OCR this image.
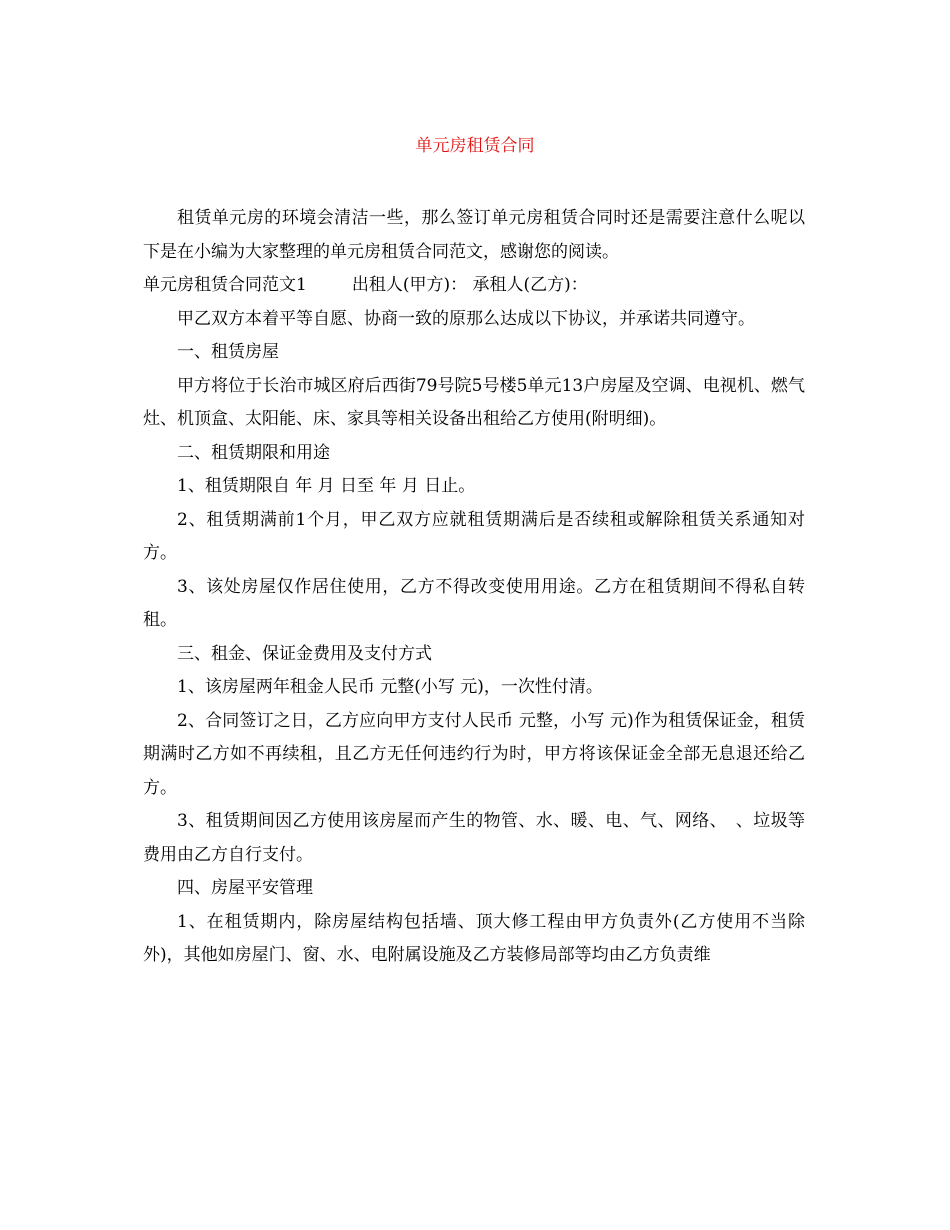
单元房租赁合同

租赁单元房的环境会清洁一些，那么签订单元房租赁合同时还是需要注意什么呢以下是在小编为大家整理的单元房租赁合同范文，感谢您的阅读。

单元房租赁合同范文1	出租人(甲方)： 承租人(乙方)：

甲乙双方本着平等自愿、协商一致的原那么达成以下协议，并承诺共同遵守。

一、租赁房屋

甲方将位于长治市城区府后西街79号院5号楼5单元13户房屋及空调、电视机、燃气灶、机顶盒、太阳能、床、家具等相关设备出租给乙方使用(附明细)。

二、租赁期限和用途

1、租赁期限自 年 月 日至 年 月 日止。

2、租赁期满前1个月，甲乙双方应就租赁期满后是否续租或解除租赁关系通知对方。

3、该处房屋仅作居住使用，乙方不得改变使用用途。乙方在租赁期间不得私自转租。

三、租金、保证金费用及支付方式

1、该房屋两年租金人民币 元整(小写 元)，一次性付清。

2、合同签订之日，乙方应向甲方支付人民币 元整，小写 元)作为租赁保证金，租赁期满时乙方如不再续租，且乙方无任何违约行为时，甲方将该保证金全部无息退还给乙方。

3、租赁期间因乙方使用该房屋而产生的物管、水、暖、电、气、网络、　、垃圾等费用由乙方自行支付。

四、房屋平安管理

1、在租赁期内，除房屋结构包括墙、顶大修工程由甲方负责外(乙方使用不当除外)，其他如房屋门、窗、水、电附属设施及乙方装修局部等均由乙方负责维
